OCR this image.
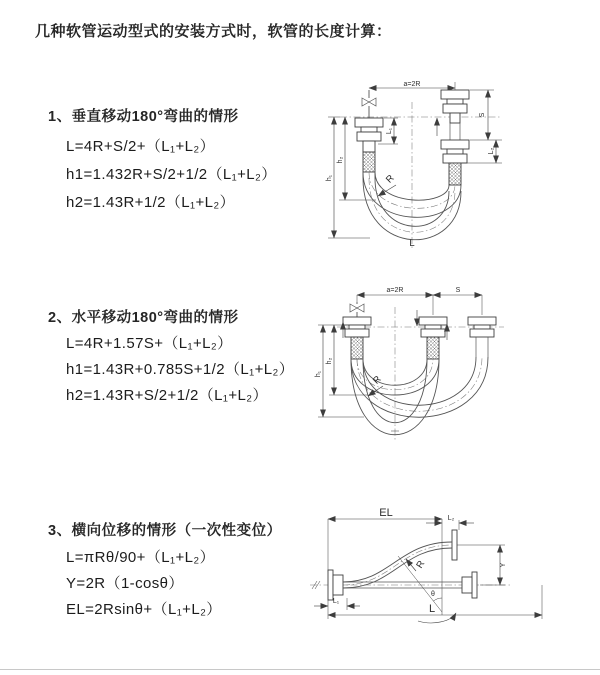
几种软管运动型式的安装方式时，软管的长度计算：
1、垂直移动180°弯曲的情形
L=4R+S/2+（L₁+L₂）
h1=1.432R+S/2+1/2（L₁+L₂）
h2=1.43R+1/2（L₁+L₂）
2、水平移动180°弯曲的情形
L=4R+1.57S+（L₁+L₂）
h1=1.43R+0.785S+1/2（L₁+L₂）
h2=1.43R+S/2+1/2（L₁+L₂）
3、横向位移的情形（一次性变位）
L=πRθ/90+（L₁+L₂）
Y=2R（1-cosθ）
EL=2Rsinθ+（L₁+L₂）
a=2R
S
L₂
L₁
h₁
h₂
R
L
a=2R	S
h₁
h₂
R
EL	L₂
Y
R
θ
L₁
L
